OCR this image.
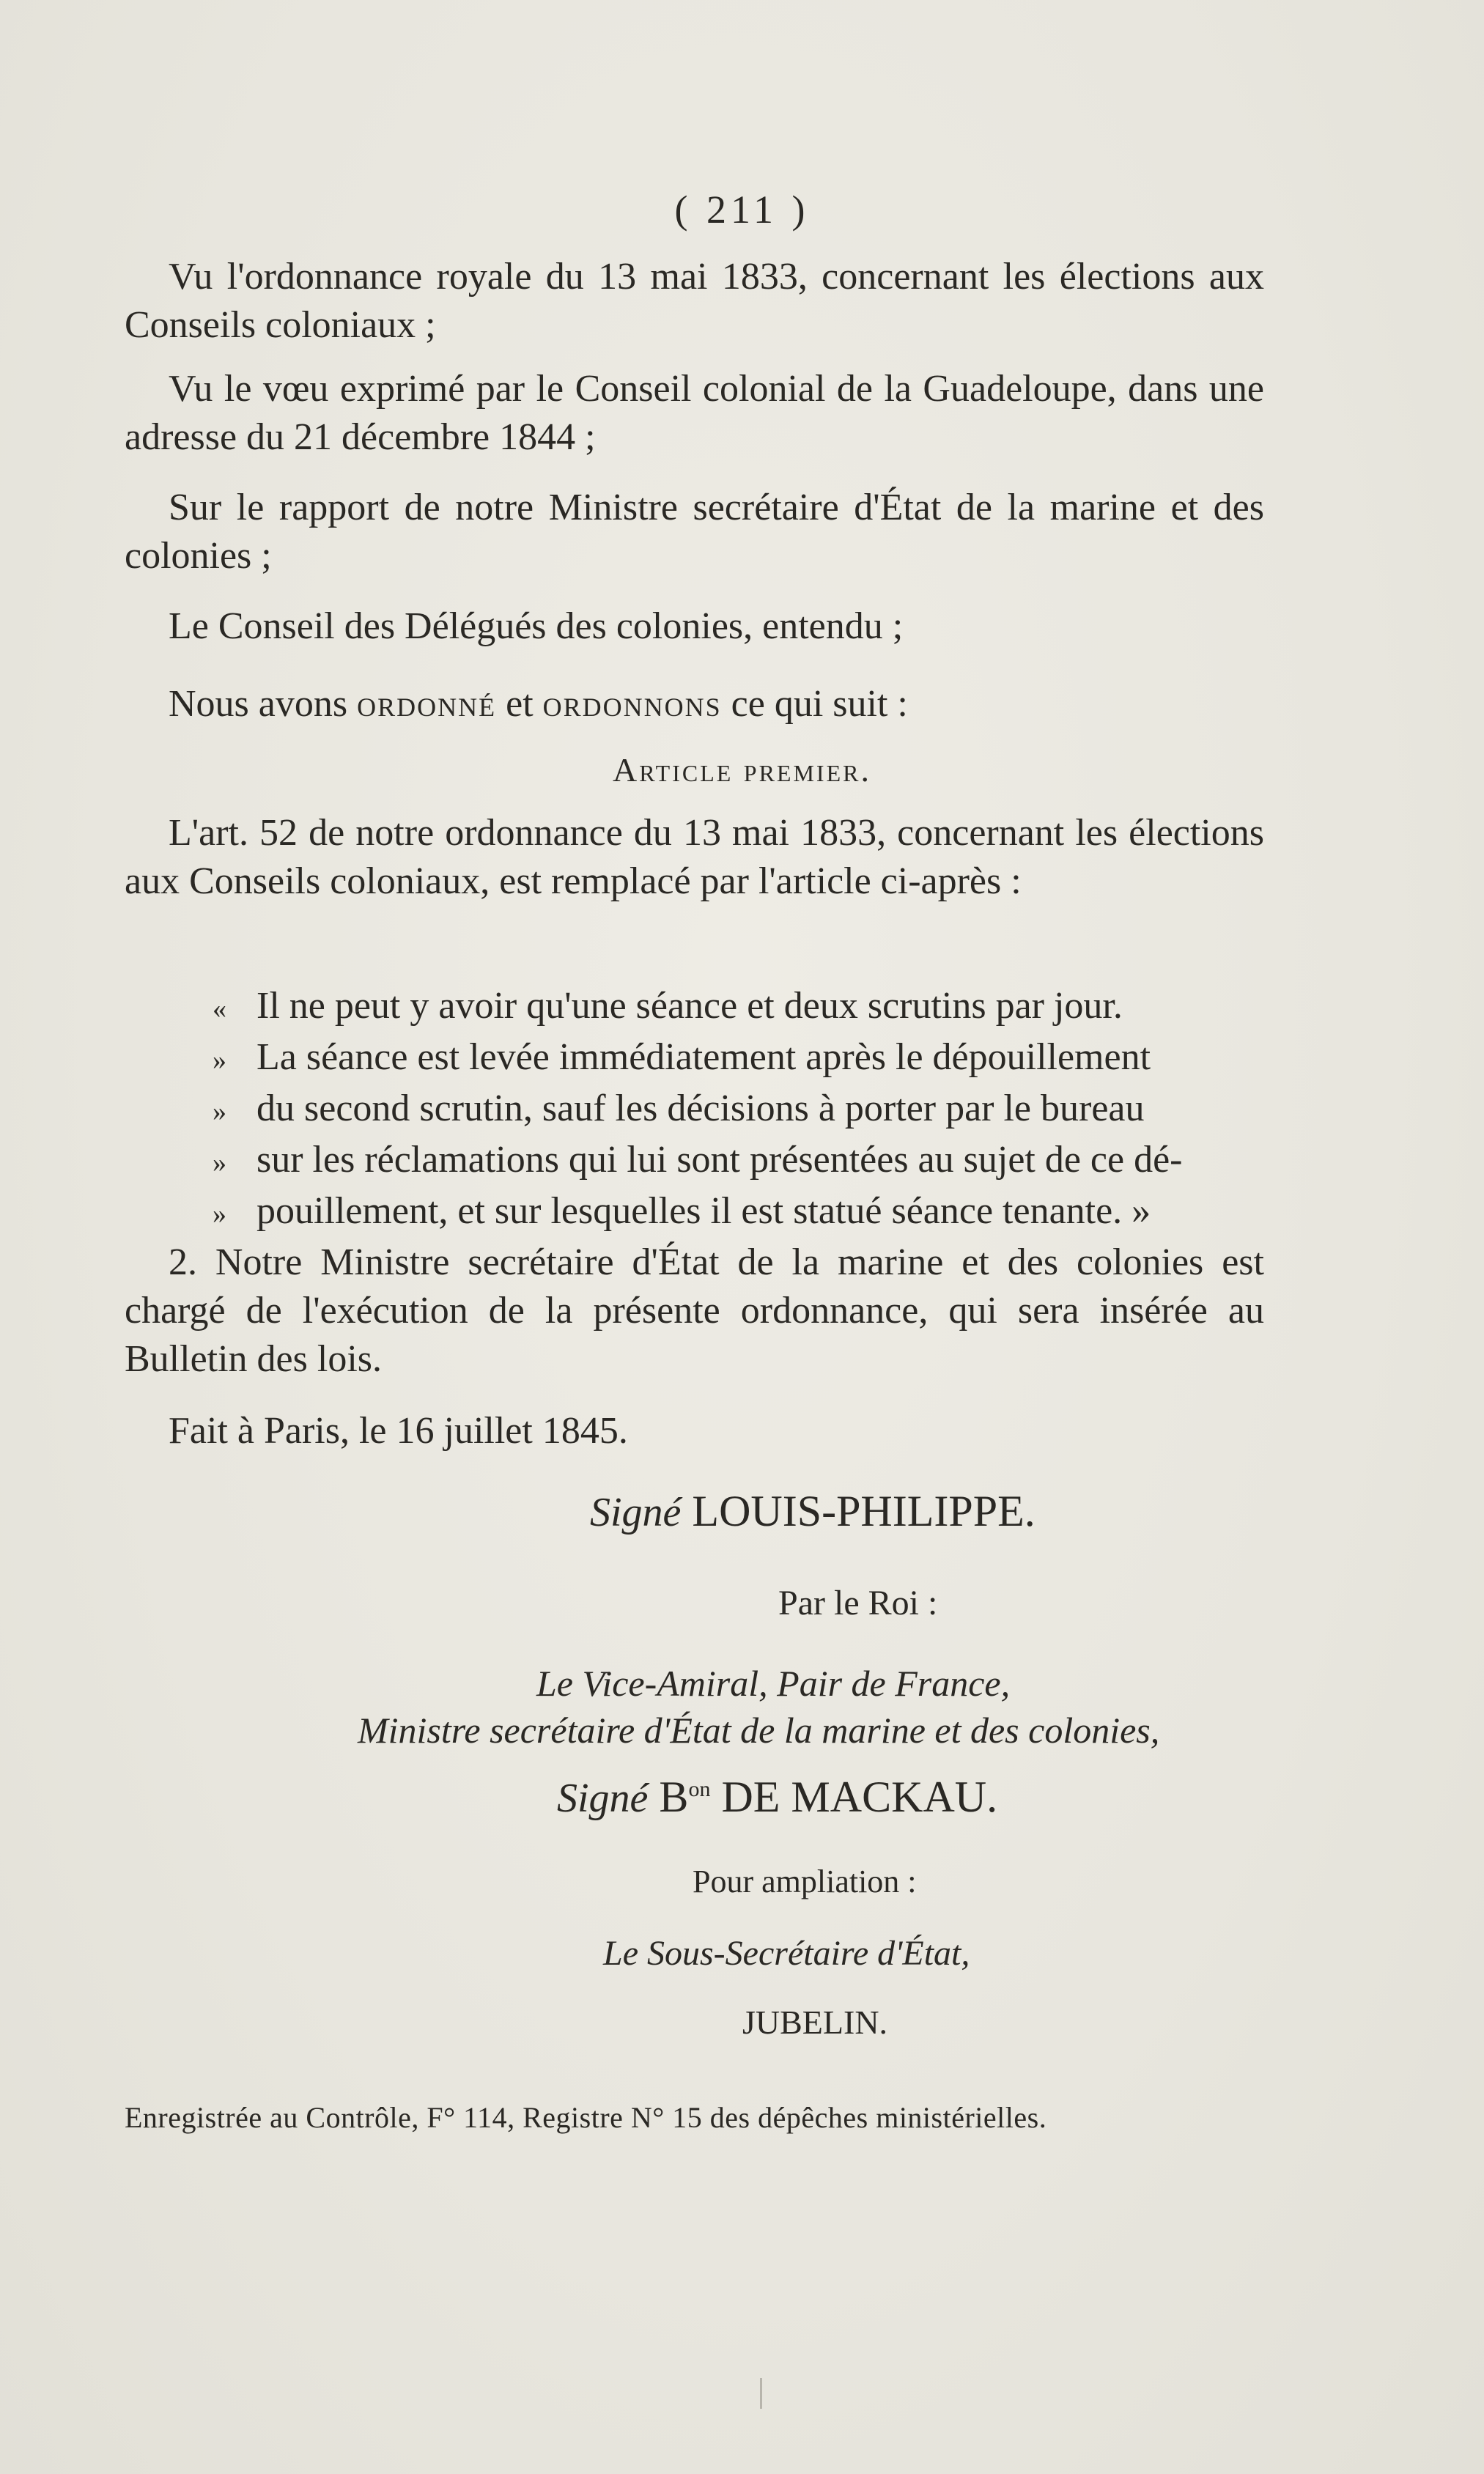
( 211 )
Vu l'ordonnance royale du 13 mai 1833, concernant les élections aux Conseils coloniaux ;
Vu le vœu exprimé par le Conseil colonial de la Guadeloupe, dans une adresse du 21 décembre 1844 ;
Sur le rapport de notre Ministre secrétaire d'État de la marine et des colonies ;
Le Conseil des Délégués des colonies, entendu ;
Nous avons ordonné et ordonnons ce qui suit :
Article premier.
L'art. 52 de notre ordonnance du 13 mai 1833, concernant les élections aux Conseils coloniaux, est remplacé par l'article ci-après :
« Il ne peut y avoir qu'une séance et deux scrutins par jour.
» La séance est levée immédiatement après le dépouillement
» du second scrutin, sauf les décisions à porter par le bureau
» sur les réclamations qui lui sont présentées au sujet de ce dé-
» pouillement, et sur lesquelles il est statué séance tenante. »
2. Notre Ministre secrétaire d'État de la marine et des colonies est chargé de l'exécution de la présente ordonnance, qui sera insérée au Bulletin des lois.
Fait à Paris, le 16 juillet 1845.
Signé LOUIS-PHILIPPE.
Par le Roi :
Le Vice-Amiral, Pair de France,
Ministre secrétaire d'État de la marine et des colonies,
Signé $B^{on}$ DE MACKAU.
Pour ampliation :
Le Sous-Secrétaire d'État,
JUBELIN.
Enregistrée au Contrôle, F° 114, Registre N° 15 des dépêches ministérielles.
